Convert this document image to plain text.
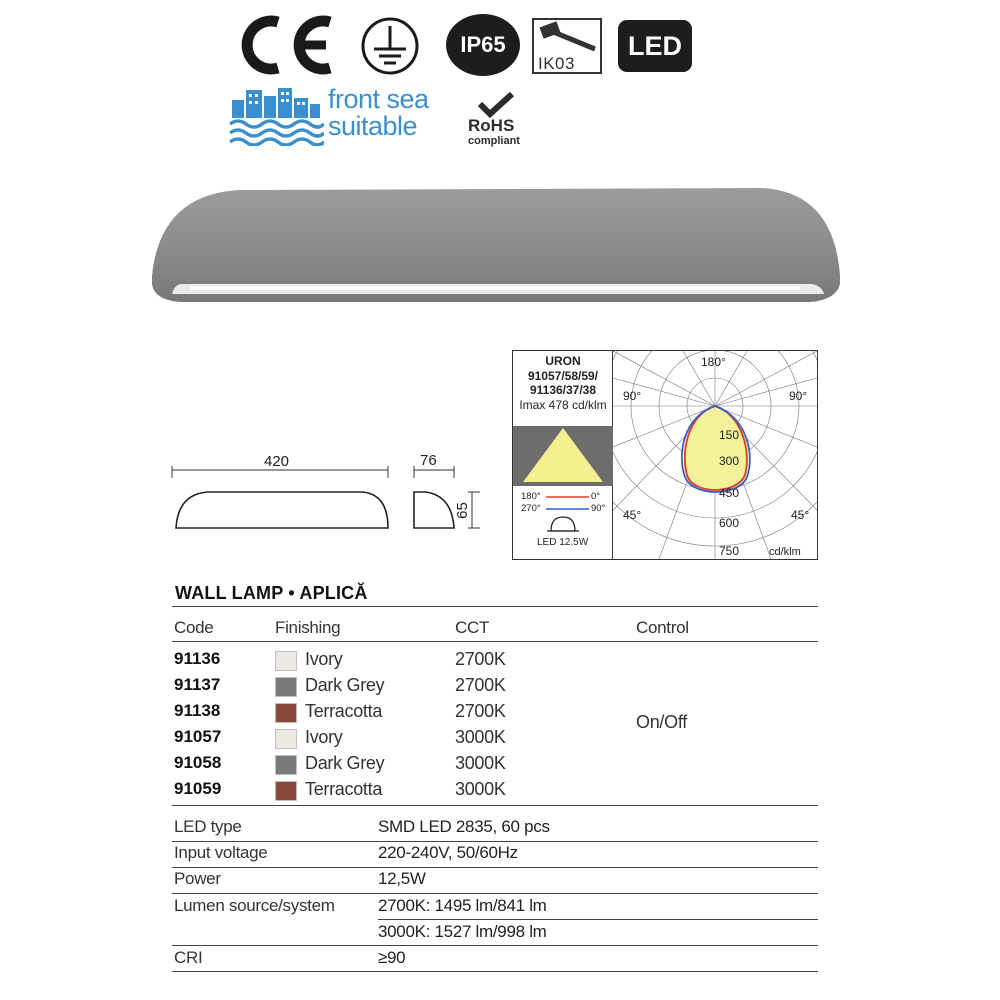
IP65
IK03
LED
front sea
suitable	RoHS
compliant
420	76
65
URON
91057/58/59/
91136/37/38
Imax 478 cd/klm
180°	0°
270°	90°
LED 12.5W
180°
90°	90°
45°	45°
150
300
450
600
750	cd/klm
WALL LAMP • APLICĂ
Code	Finishing	CCT	Control
91136	Ivory	2700K
91137	Dark Grey	2700K
91138	Terracotta	2700K
91057	Ivory	3000K
91058	Dark Grey	3000K
91059	Terracotta	3000K
On/Off
LED type	SMD LED 2835, 60 pcs
Input voltage	220-240V, 50/60Hz
Power	12,5W
Lumen source/system	2700K: 1495 lm/841 lm
3000K: 1527 lm/998 lm
CRI	≥90
